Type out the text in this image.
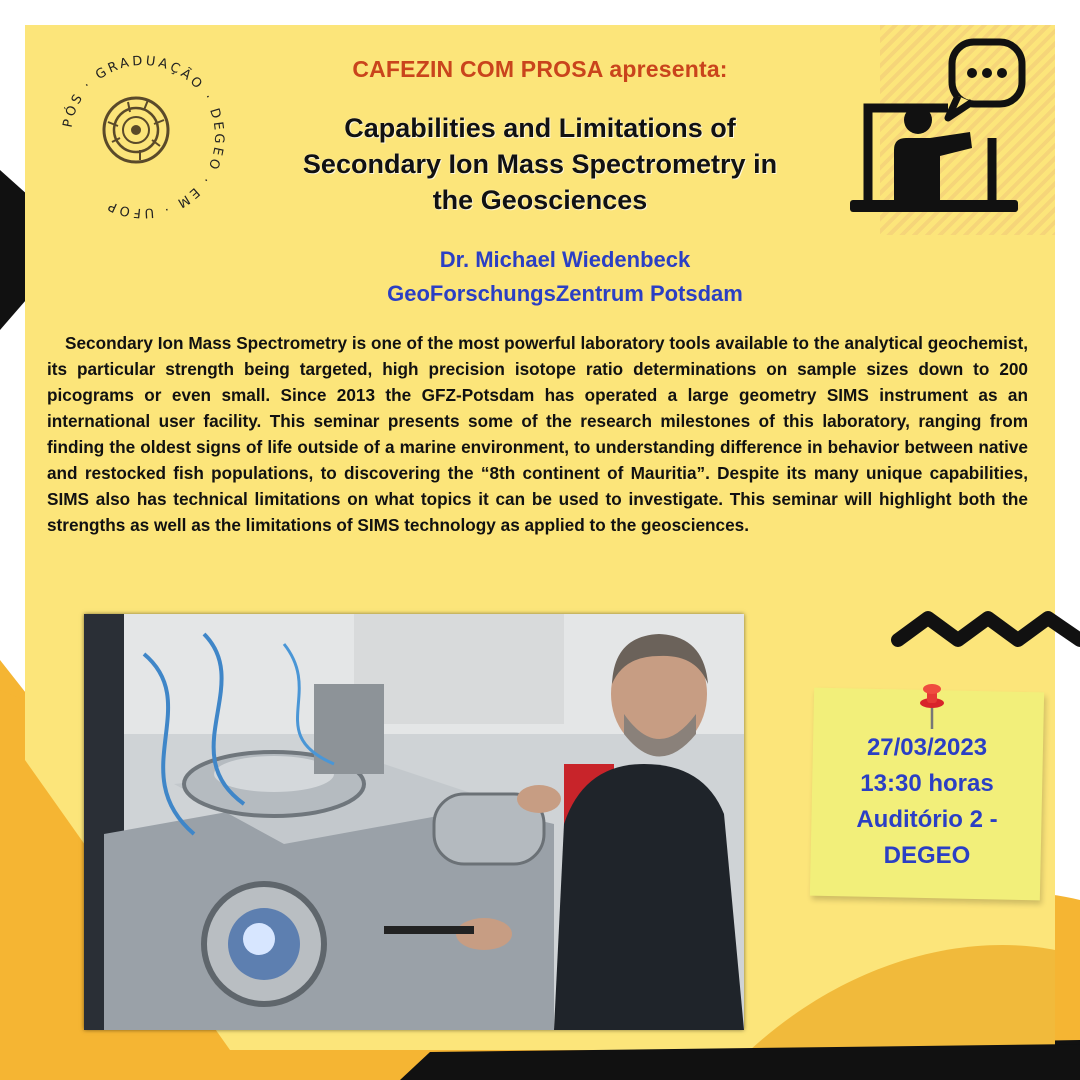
PÓS · GRADUAÇÃO · DEGEO · EM · UFOP
CAFEZIN COM PROSA apresenta:
Capabilities and Limitations of
Secondary Ion Mass Spectrometry in
the Geosciences
Dr. Michael Wiedenbeck
GeoForschungsZentrum Potsdam
Secondary Ion Mass Spectrometry is one of the most powerful laboratory tools available to the analytical geochemist, its particular strength being targeted, high precision isotope ratio determinations on sample sizes down to 200 picograms or even small. Since 2013 the GFZ-Potsdam has operated a large geometry SIMS instrument as an international user facility. This seminar presents some of the research milestones of this laboratory, ranging from finding the oldest signs of life outside of a marine environment, to understanding difference in behavior between native and restocked fish populations, to discovering the “8th continent of Mauritia”. Despite its many unique capabilities, SIMS also has technical limitations on what topics it can be used to investigate. This seminar will highlight both the strengths as well as the limitations of SIMS technology as applied to the geosciences.
27/03/2023
13:30 horas
Auditório 2 -
DEGEO
